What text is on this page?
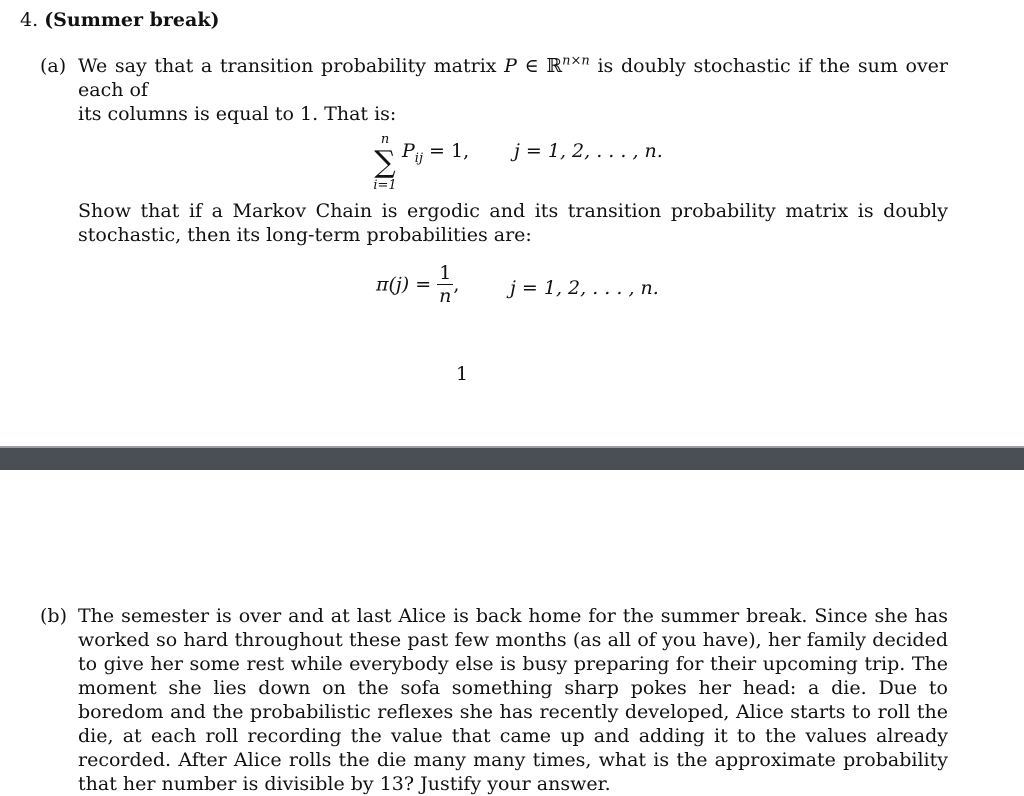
4. (Summer break)
(a) We say that a transition probability matrix P ∈ ℝ$^{n\times n}$ is doubly stochastic if the sum over each of
its columns is equal to 1. That is:
n
∑
i=1
$P_{ij} = 1$, j = 1, 2, . . . , n.
Show that if a Markov Chain is ergodic and its transition probability matrix is doubly stochastic, then its long-term probabilities are:
$\pi(j) = \frac{1}{n}$ ,	j = 1, 2, . . . , n.
1
(b) The semester is over and at last Alice is back home for the summer break. Since she has worked so hard throughout these past few months (as all of you have), her family decided to give her some rest while everybody else is busy preparing for their upcoming trip. The moment she lies down on the sofa something sharp pokes her head: a die. Due to boredom and the probabilistic reflexes she has recently developed, Alice starts to roll the die, at each roll recording the value that came up and adding it to the values already recorded. After Alice rolls the die many many times, what is the approximate probability that her number is divisible by 13? Justify your answer.
